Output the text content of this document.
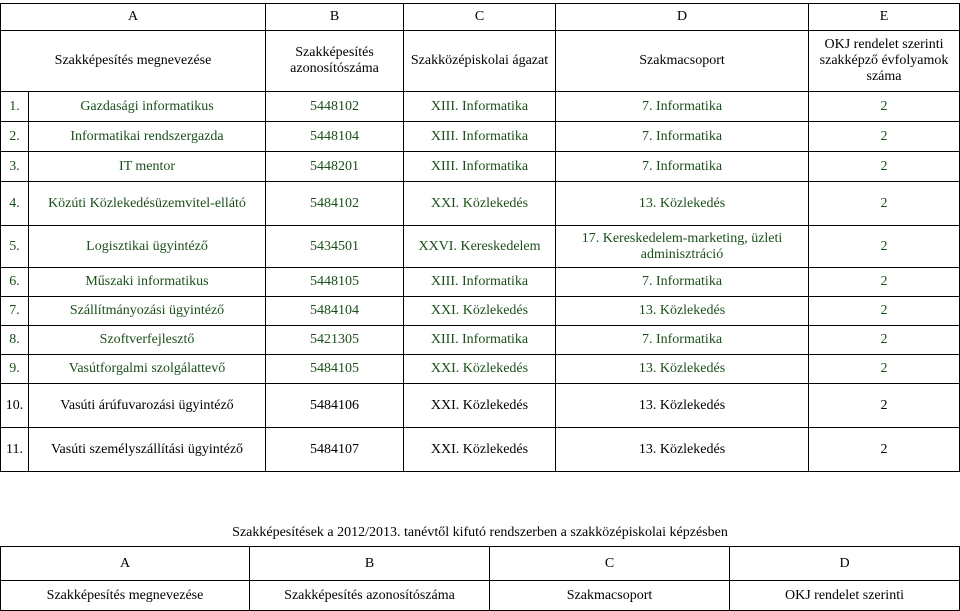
A		B	C	D	E
Szakképesítés megnevezése		Szakképesítés azonosítószáma	Szakközépiskolai ágazat	Szakmacsoport	OKJ rendelet szerinti szakképző évfolyamok száma
1.	Gazdasági informatikus	5448102	XIII. Informatika	7. Informatika	2
2.	Informatikai rendszergazda	5448104	XIII. Informatika	7. Informatika	2
3.	IT mentor	5448201	XIII. Informatika	7. Informatika	2
4.	Közúti Közlekedésüzemvitel-ellátó	5484102	XXI. Közlekedés	13. Közlekedés	2
5.	Logisztikai ügyintéző	5434501	XXVI. Kereskedelem	17. Kereskedelem-marketing, üzleti adminisztráció	2
6.	Műszaki informatikus	5448105	XIII. Informatika	7. Informatika	2
7.	Szállítmányozási ügyintéző	5484104	XXI. Közlekedés	13. Közlekedés	2
8.	Szoftverfejlesztő	5421305	XIII. Informatika	7. Informatika	2
9.	Vasútforgalmi szolgálattevő	5484105	XXI. Közlekedés	13. Közlekedés	2
10.	Vasúti árúfuvarozási ügyintéző	5484106	XXI. Közlekedés	13. Közlekedés	2
11.	Vasúti személyszállítási ügyintéző	5484107	XXI. Közlekedés	13. Közlekedés	2
Szakképesítések a 2012/2013. tanévtől kifutó rendszerben a szakközépiskolai képzésben
A	B	C	D
Szakképesítés megnevezése	Szakképesítés azonosítószáma	Szakmacsoport	OKJ rendelet szerinti
